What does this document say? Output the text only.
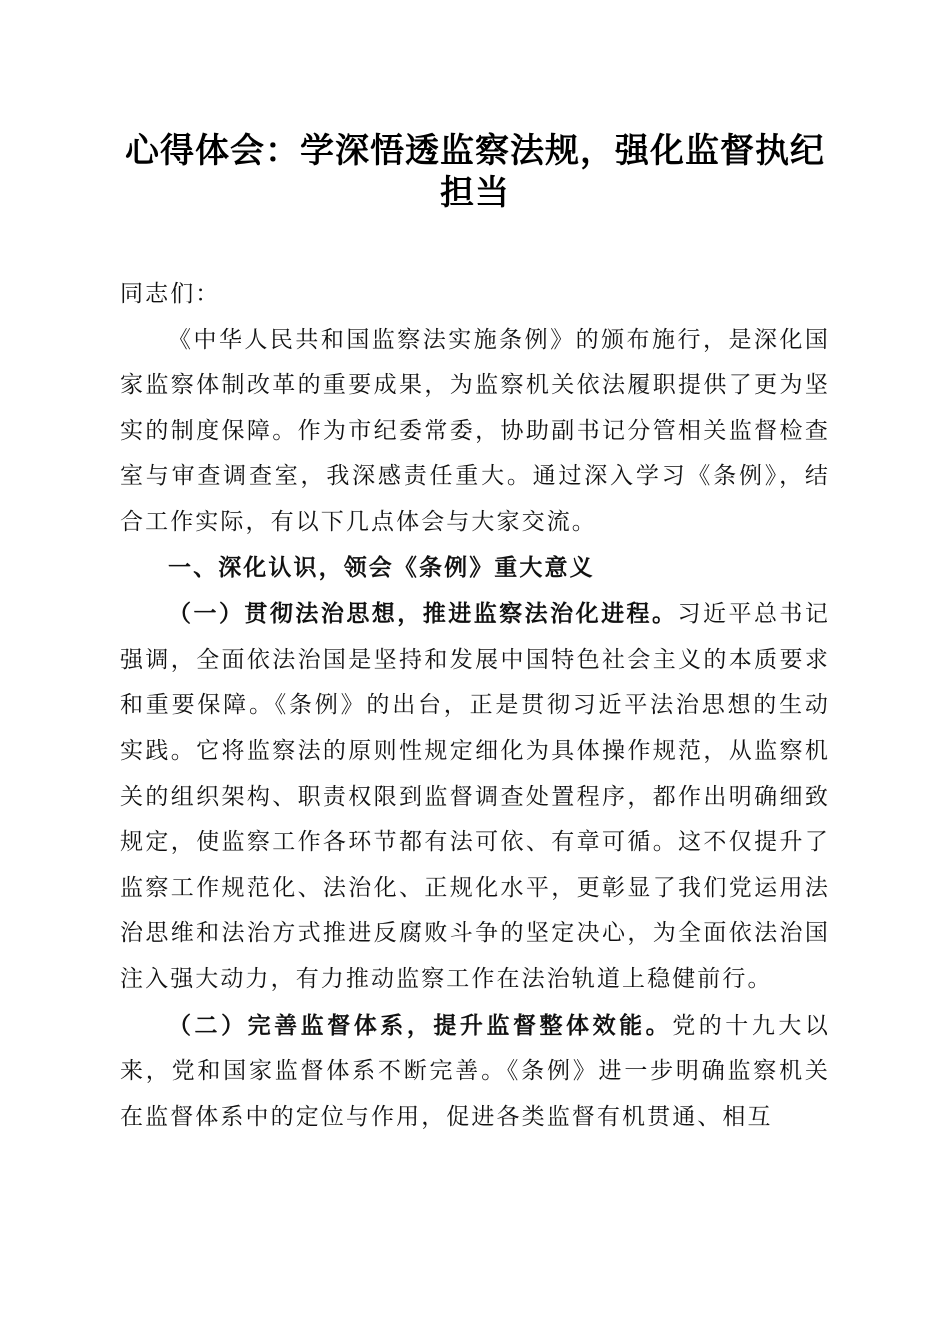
心得体会：学深悟透监察法规，强化监督执纪担当

同志们：

《中华人民共和国监察法实施条例》的颁布施行，是深化国家监察体制改革的重要成果，为监察机关依法履职提供了更为坚实的制度保障。作为市纪委常委，协助副书记分管相关监督检查室与审查调查室，我深感责任重大。通过深入学习《条例》，结合工作实际，有以下几点体会与大家交流。

一、深化认识，领会《条例》重大意义

（一）贯彻法治思想，推进监察法治化进程。习近平总书记强调，全面依法治国是坚持和发展中国特色社会主义的本质要求和重要保障。《条例》的出台，正是贯彻习近平法治思想的生动实践。它将监察法的原则性规定细化为具体操作规范，从监察机关的组织架构、职责权限到监督调查处置程序，都作出明确细致规定，使监察工作各环节都有法可依、有章可循。这不仅提升了监察工作规范化、法治化、正规化水平，更彰显了我们党运用法治思维和法治方式推进反腐败斗争的坚定决心，为全面依法治国注入强大动力，有力推动监察工作在法治轨道上稳健前行。

（二）完善监督体系，提升监督整体效能。党的十九大以来，党和国家监督体系不断完善。《条例》进一步明确监察机关在监督体系中的定位与作用，促进各类监督有机贯通、相互
